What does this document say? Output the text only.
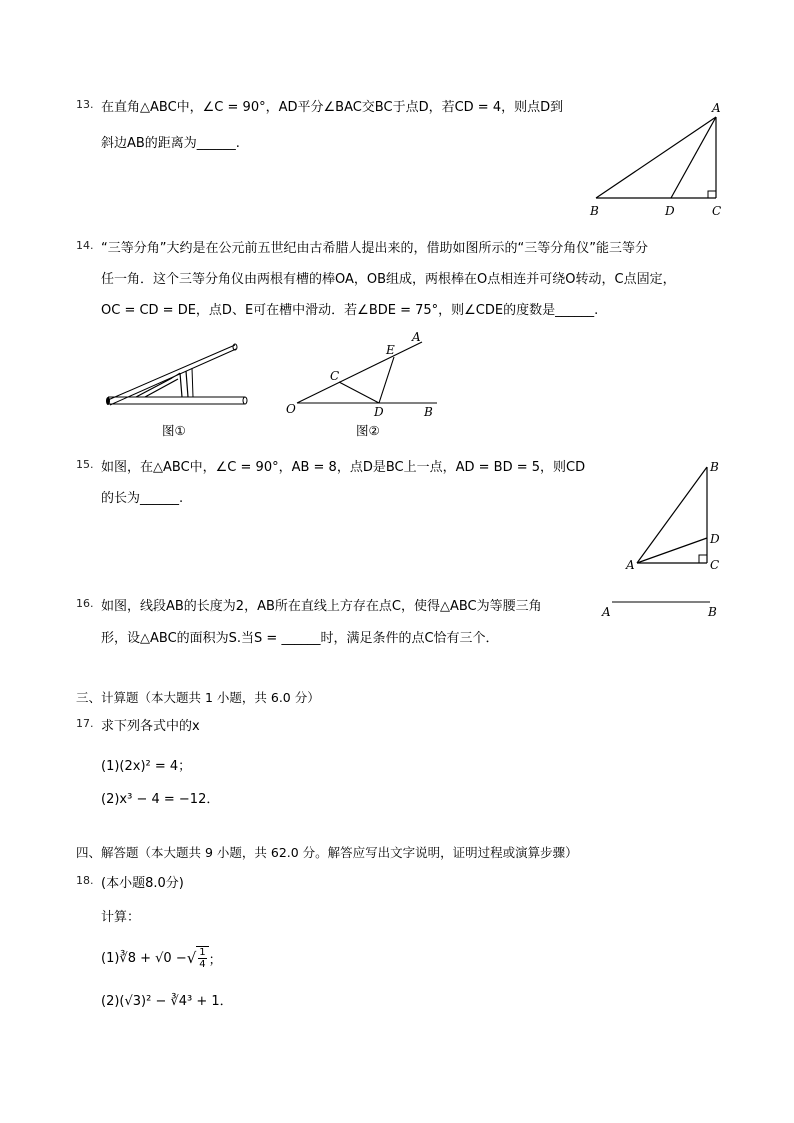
13. 在直角△ABC中，∠C = 90°，AD平分∠BAC交BC于点D，若CD = 4，则点D到
斜边AB的距离为______.
A
B	D	C
14. “三等分角”大约是在公元前五世纪由古希腊人提出来的，借助如图所示的“三等分角仪”能三等分
任一角．这个三等分角仪由两根有槽的棒OA，OB组成，两根棒在O点相连并可绕O转动，C点固定，
OC = CD = DE，点D、E可在槽中滑动．若∠BDE = 75°，则∠CDE的度数是______.
图①
O
C
D	B
E
A
图②
15. 如图，在△ABC中，∠C = 90°，AB = 8，点D是BC上一点，AD = BD = 5，则CD
的长为______.
B
D
A	C
16. 如图，线段AB的长度为2，AB所在直线上方存在点C，使得△ABC为等腰三角
形，设△ABC的面积为S.当S = ______时，满足条件的点C恰有三个．
A	B
三、计算题（本大题共 1 小题，共 6.0 分）
17. 求下列各式中的x
(1)(2x)² = 4；
(2)x³ − 4 = −12．
四、解答题（本大题共 9 小题，共 62.0 分。解答应写出文字说明，证明过程或演算步骤）
18. (本小题8.0分)
计算：
(1) ∛8 + √0 − √ $\frac{1}{4}$ ；
(2)(√3)² − ∛4³ + 1．
